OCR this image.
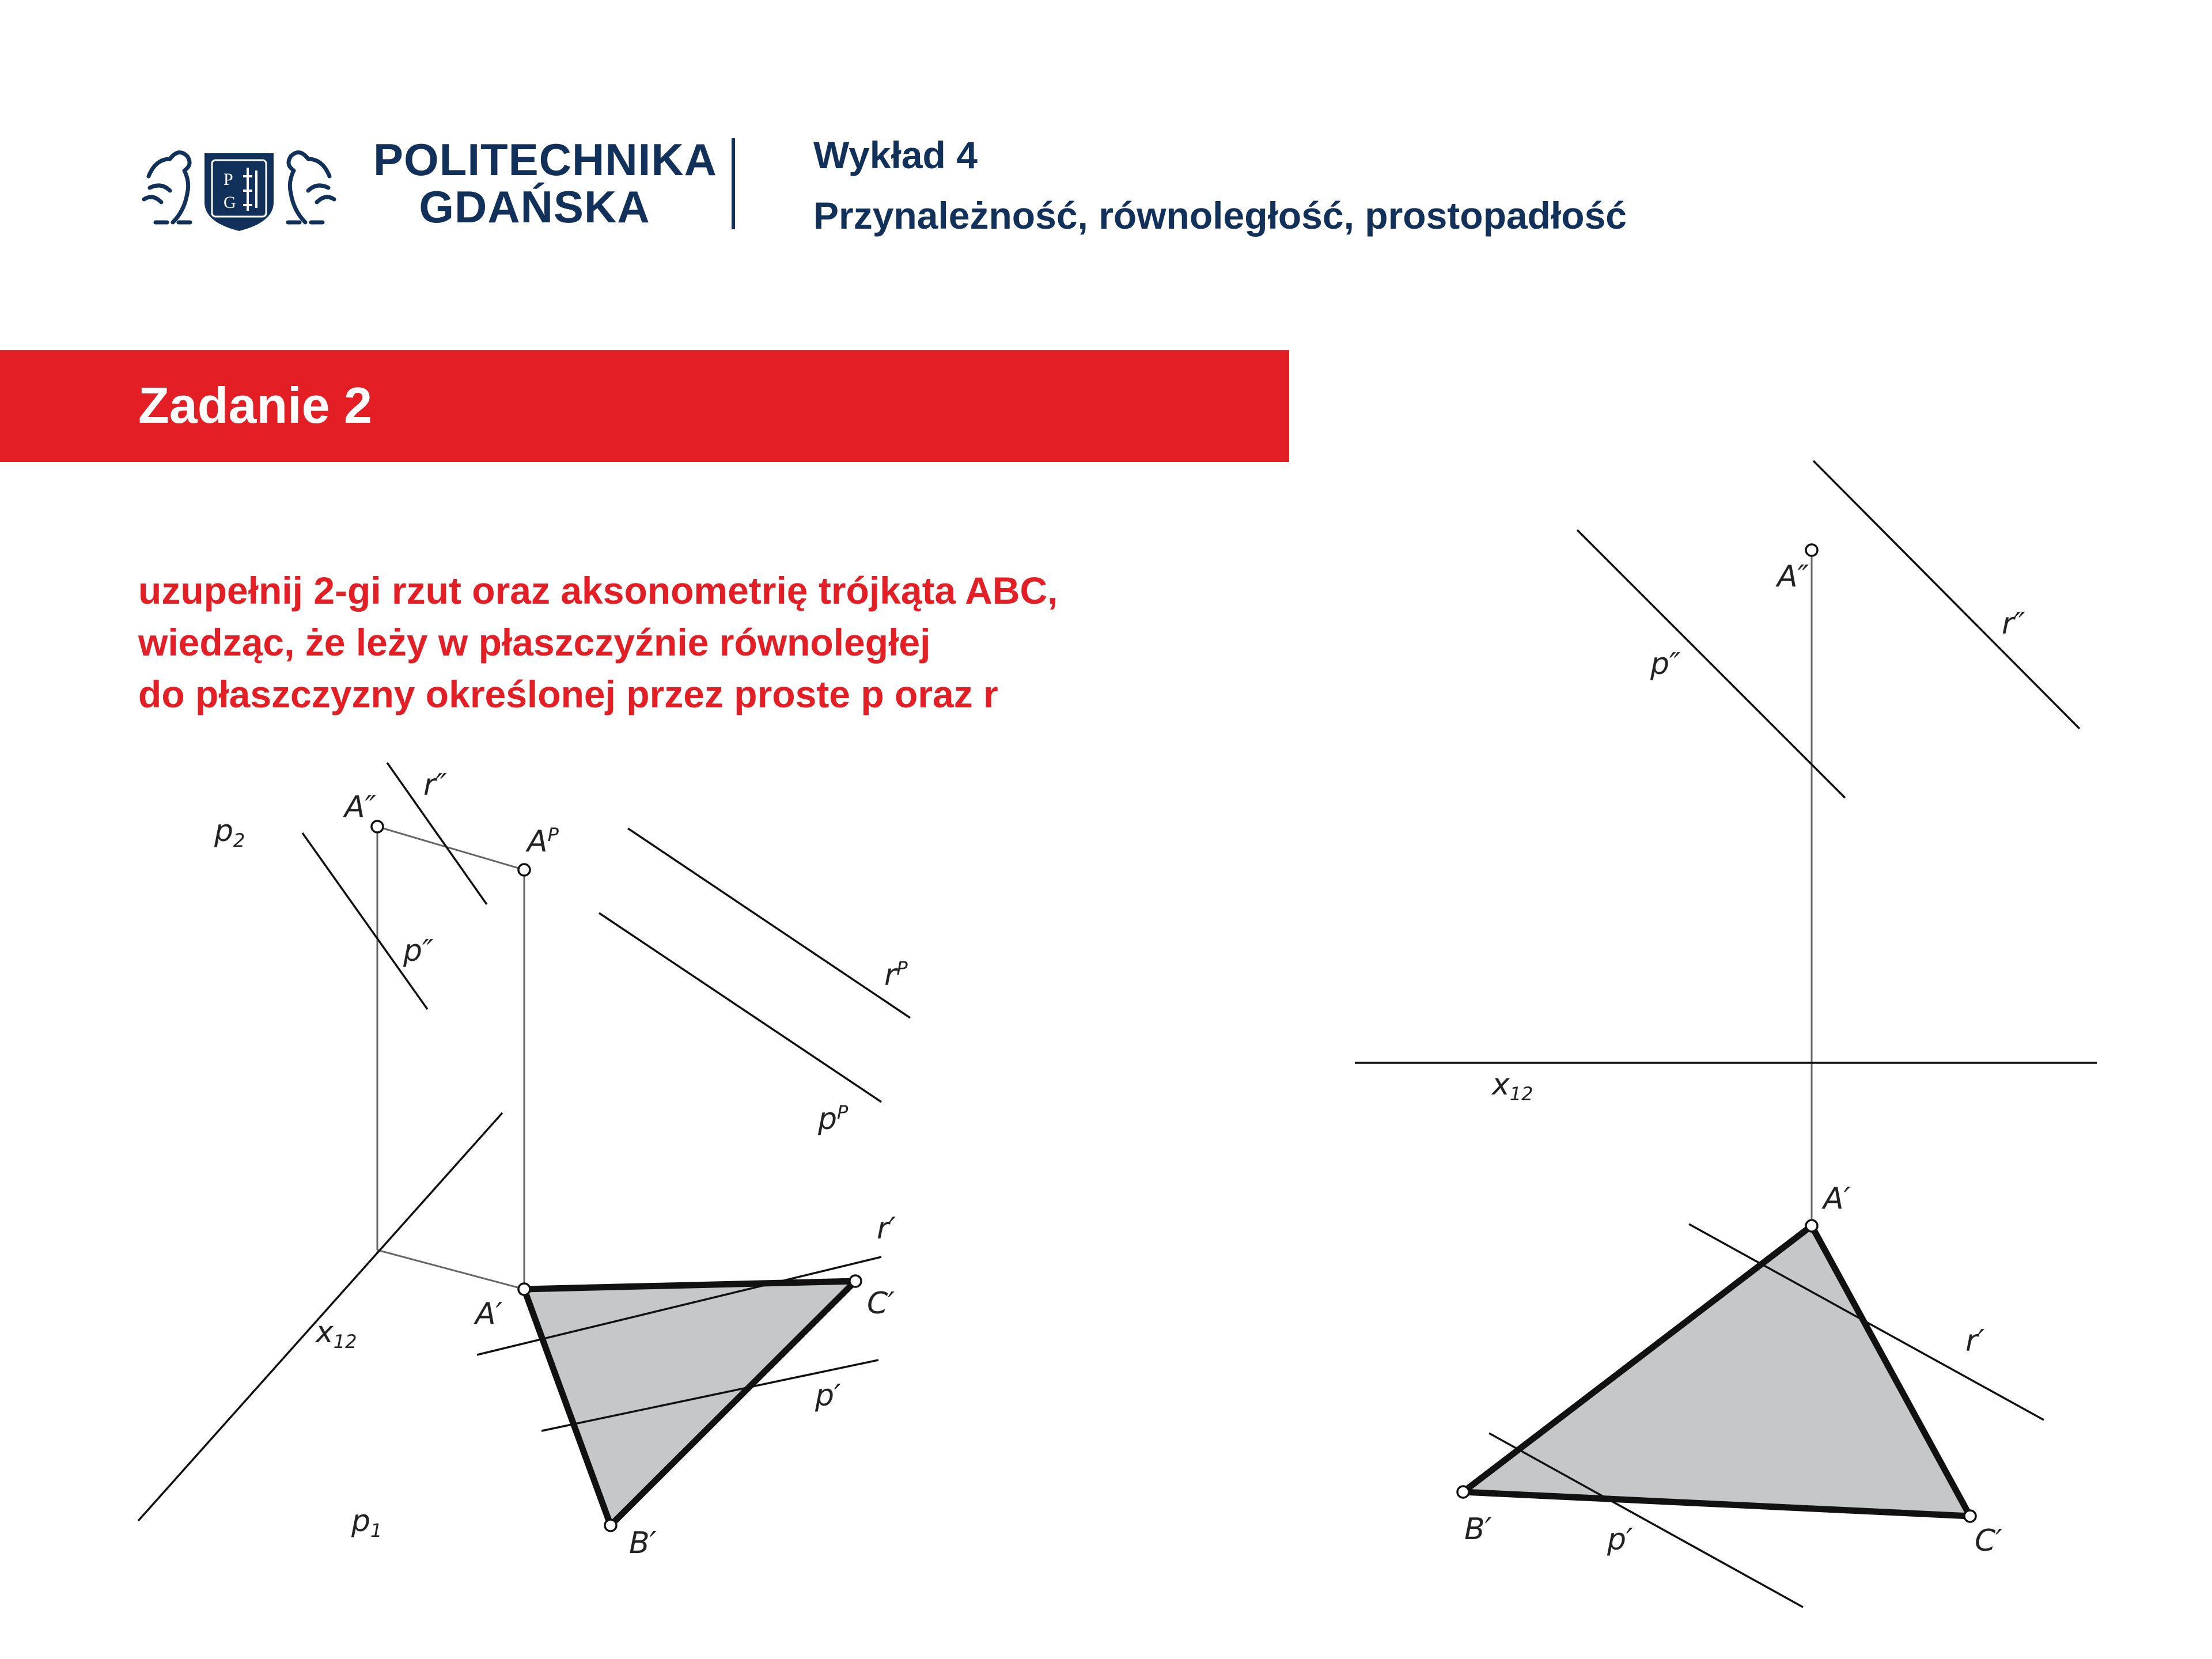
P
G
POLITECHNIKA
GDAŃSKA
Wykład 4
Przynależność, równoległość, prostopadłość
Zadanie 2
uzupełnij 2-gi rzut oraz aksonometrię trójkąta ABC,
wiedząc, że leży w płaszczyźnie równoległej
do płaszczyzny określonej przez proste p oraz r
p2
A″
r″
$A^P$
p″
$r^P$
$p^P$
r′
A′	C′
p′
x12
p1	B′
A″
r″
p″
x12
A′
r′
B′	p′	C′
